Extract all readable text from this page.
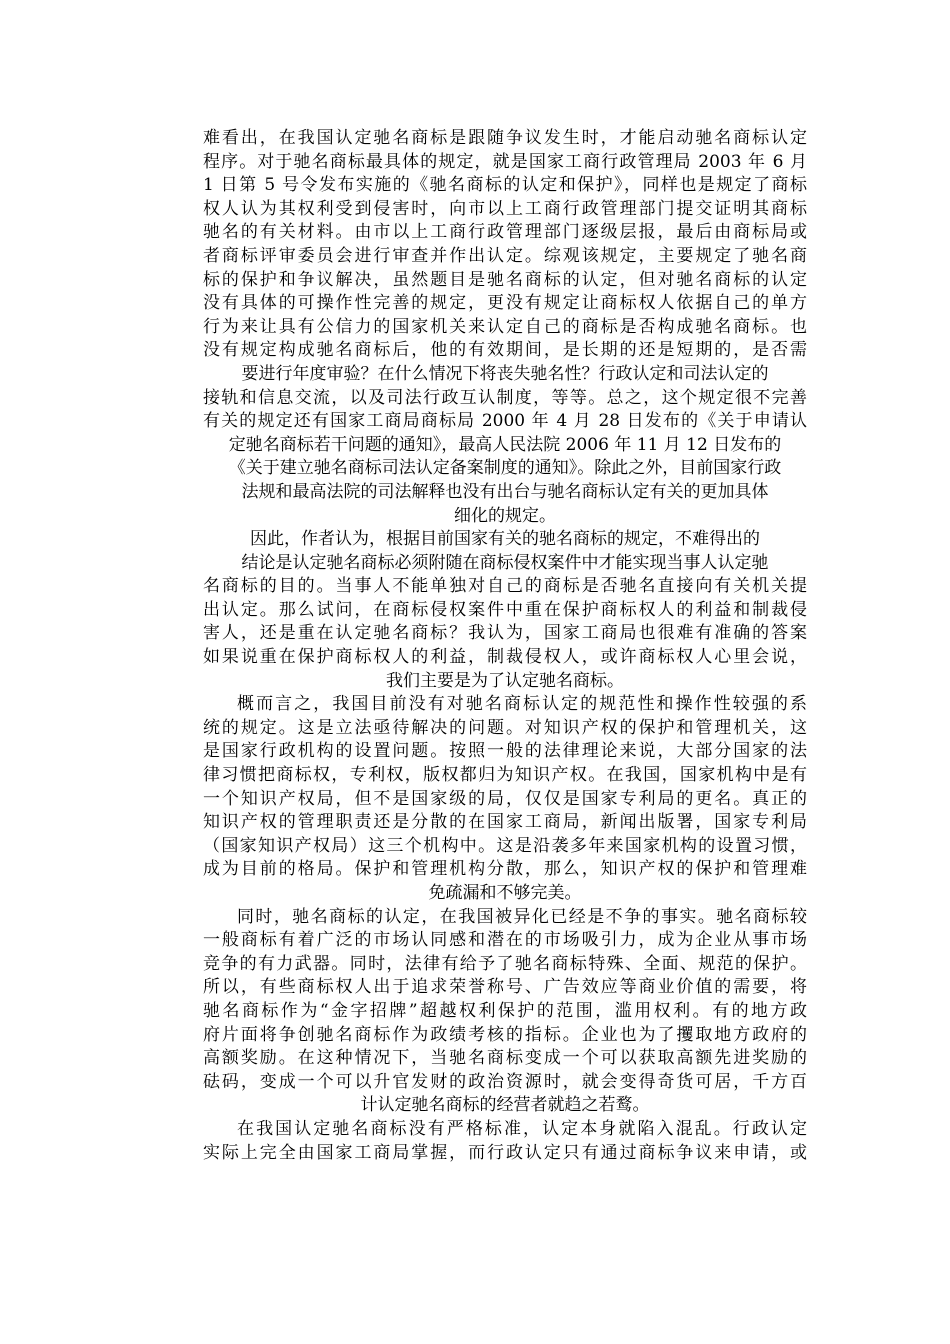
难看出，在我国认定驰名商标是跟随争议发生时，才能启动驰名商标认定
程序。对于驰名商标最具体的规定，就是国家工商行政管理局 2003 年 6 月
1 日第 5 号令发布实施的《驰名商标的认定和保护》，同样也是规定了商标
权人认为其权利受到侵害时，向市以上工商行政管理部门提交证明其商标
驰名的有关材料。由市以上工商行政管理部门逐级层报，最后由商标局或
者商标评审委员会进行审查并作出认定。综观该规定，主要规定了驰名商
标的保护和争议解决，虽然题目是驰名商标的认定，但对驰名商标的认定
没有具体的可操作性完善的规定，更没有规定让商标权人依据自己的单方
行为来让具有公信力的国家机关来认定自己的商标是否构成驰名商标。也
没有规定构成驰名商标后，他的有效期间，是长期的还是短期的，是否需
要进行年度审验？在什么情况下将丧失驰名性？行政认定和司法认定的
接轨和信息交流，以及司法行政互认制度，等等。总之，这个规定很不完善
有关的规定还有国家工商局商标局 2000 年 4 月 28 日发布的《关于申请认
定驰名商标若干问题的通知》，最高人民法院 2006 年 11 月 12 日发布的
《关于建立驰名商标司法认定备案制度的通知》。除此之外，目前国家行政
法规和最高法院的司法解释也没有出台与驰名商标认定有关的更加具体
细化的规定。
因此，作者认为，根据目前国家有关的驰名商标的规定，不难得出的
结论是认定驰名商标必须附随在商标侵权案件中才能实现当事人认定驰
名商标的目的。当事人不能单独对自己的商标是否驰名直接向有关机关提
出认定。那么试问，在商标侵权案件中重在保护商标权人的利益和制裁侵
害人，还是重在认定驰名商标？我认为，国家工商局也很难有准确的答案
如果说重在保护商标权人的利益，制裁侵权人，或许商标权人心里会说，
我们主要是为了认定驰名商标。
概而言之，我国目前没有对驰名商标认定的规范性和操作性较强的系
统的规定。这是立法亟待解决的问题。对知识产权的保护和管理机关，这
是国家行政机构的设置问题。按照一般的法律理论来说，大部分国家的法
律习惯把商标权，专利权，版权都归为知识产权。在我国，国家机构中是有
一个知识产权局，但不是国家级的局，仅仅是国家专利局的更名。真正的
知识产权的管理职责还是分散的在国家工商局，新闻出版署，国家专利局
（国家知识产权局）这三个机构中。这是沿袭多年来国家机构的设置习惯，
成为目前的格局。保护和管理机构分散，那么，知识产权的保护和管理难
免疏漏和不够完美。
同时，驰名商标的认定，在我国被异化已经是不争的事实。驰名商标较
一般商标有着广泛的市场认同感和潜在的市场吸引力，成为企业从事市场
竞争的有力武器。同时，法律有给予了驰名商标特殊、全面、规范的保护。
所以，有些商标权人出于追求荣誉称号、广告效应等商业价值的需要，将
驰名商标作为“金字招牌”超越权利保护的范围，滥用权利。有的地方政
府片面将争创驰名商标作为政绩考核的指标。企业也为了攫取地方政府的
高额奖励。在这种情况下，当驰名商标变成一个可以获取高额先进奖励的
砝码，变成一个可以升官发财的政治资源时，就会变得奇货可居，千方百
计认定驰名商标的经营者就趋之若鹜。
在我国认定驰名商标没有严格标准，认定本身就陷入混乱。行政认定
实际上完全由国家工商局掌握，而行政认定只有通过商标争议来申请，或
